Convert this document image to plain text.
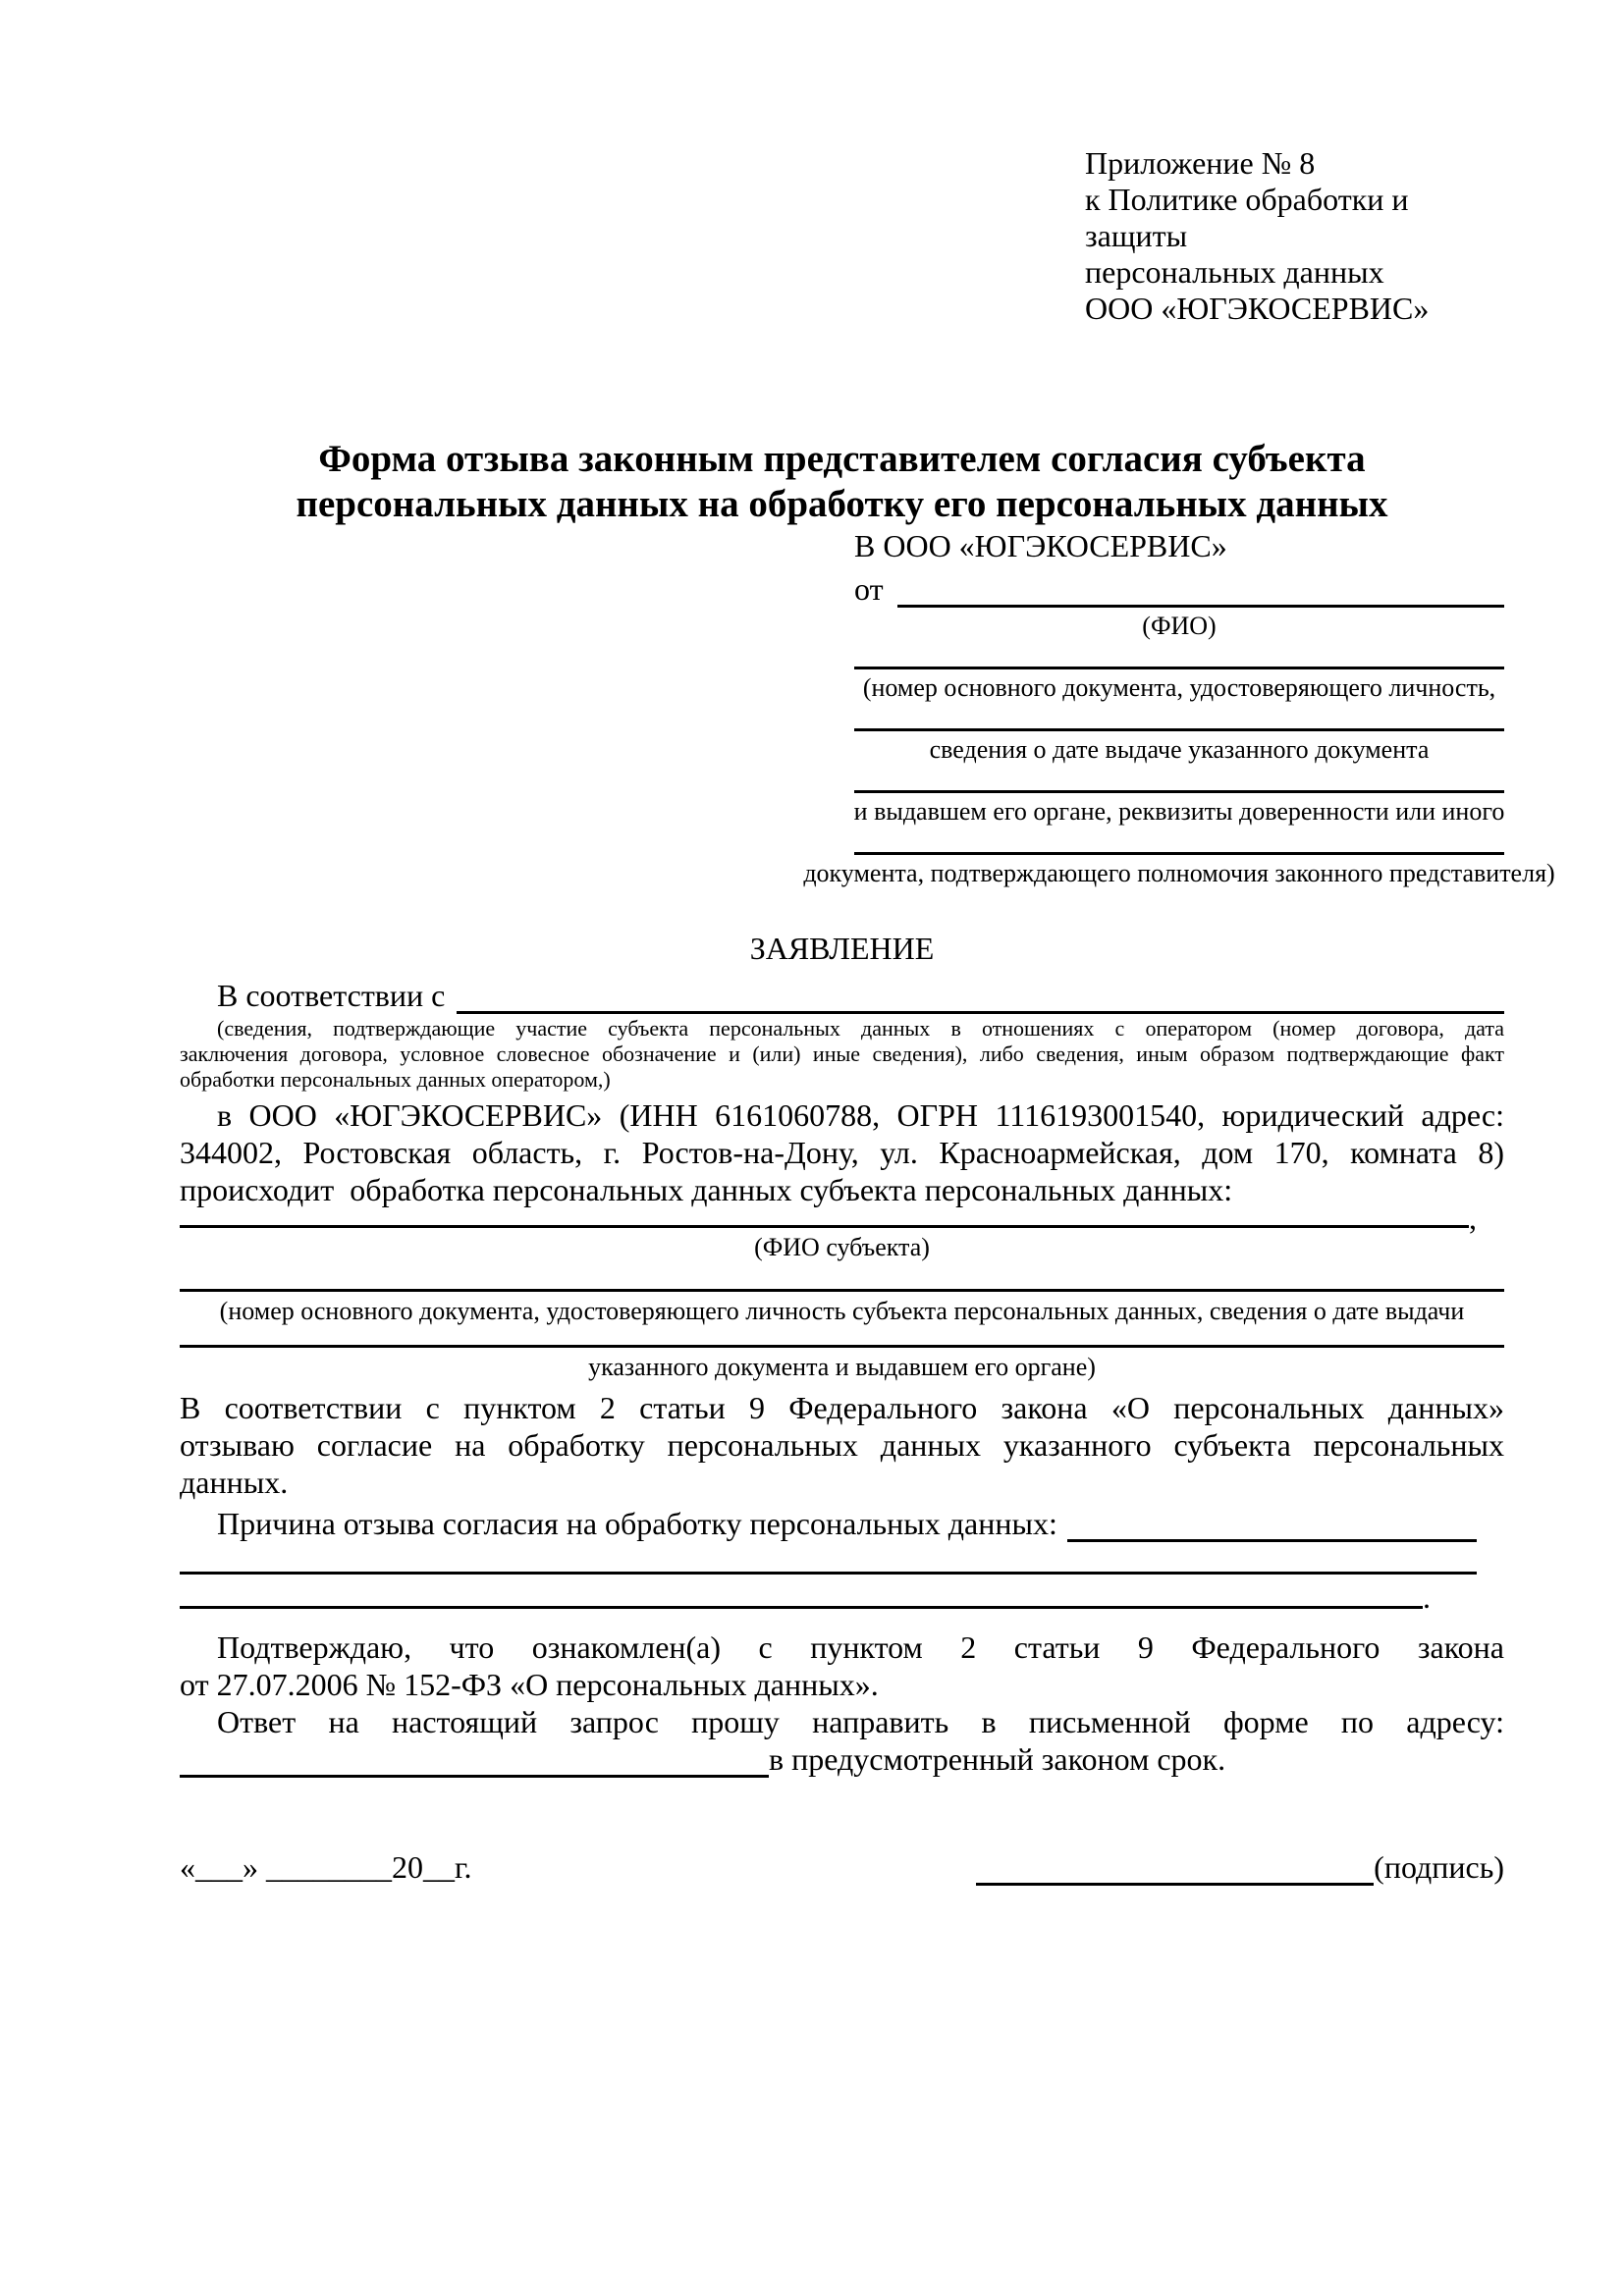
Приложение № 8
к Политике обработки и защиты
персональных данных
ООО «ЮГЭКОСЕРВИС»
Форма отзыва законным представителем согласия субъекта
персональных данных на обработку его персональных данных
В ООО «ЮГЭКОСЕРВИС»
от
(ФИО)
(номер основного документа, удостоверяющего личность,
сведения о дате выдаче указанного документа
и выдавшем его органе, реквизиты доверенности или иного
документа, подтверждающего полномочия законного представителя)
ЗАЯВЛЕНИЕ
В соответствии с
(сведения, подтверждающие участие субъекта персональных данных в отношениях с оператором (номер договора, дата
заключения договора, условное словесное обозначение и (или) иные сведения), либо сведения, иным образом подтверждающие факт
обработки персональных данных оператором,)
в ООО «ЮГЭКОСЕРВИС» (ИНН 6161060788, ОГРН 1116193001540, юридический адрес:
344002, Ростовская область, г. Ростов-на-Дону, ул. Красноармейская, дом 170, комната 8)
происходит  обработка персональных данных субъекта персональных данных:
,
(ФИО субъекта)
(номер основного документа, удостоверяющего личность субъекта персональных данных, сведения о дате выдачи
указанного документа и выдавшем его органе)
В соответствии с пунктом 2 статьи 9 Федерального закона «О персональных данных»
отзываю согласие на обработку персональных данных указанного субъекта персональных
данных.
Причина отзыва согласия на обработку персональных данных:
.
Подтверждаю, что ознакомлен(а) с пунктом 2 статьи 9 Федерального закона
от 27.07.2006 № 152-ФЗ «О персональных данных».
Ответ на настоящий запрос прошу направить в письменной форме по адресу:
в предусмотренный законом срок.
«___» ________20__г.	(подпись)
